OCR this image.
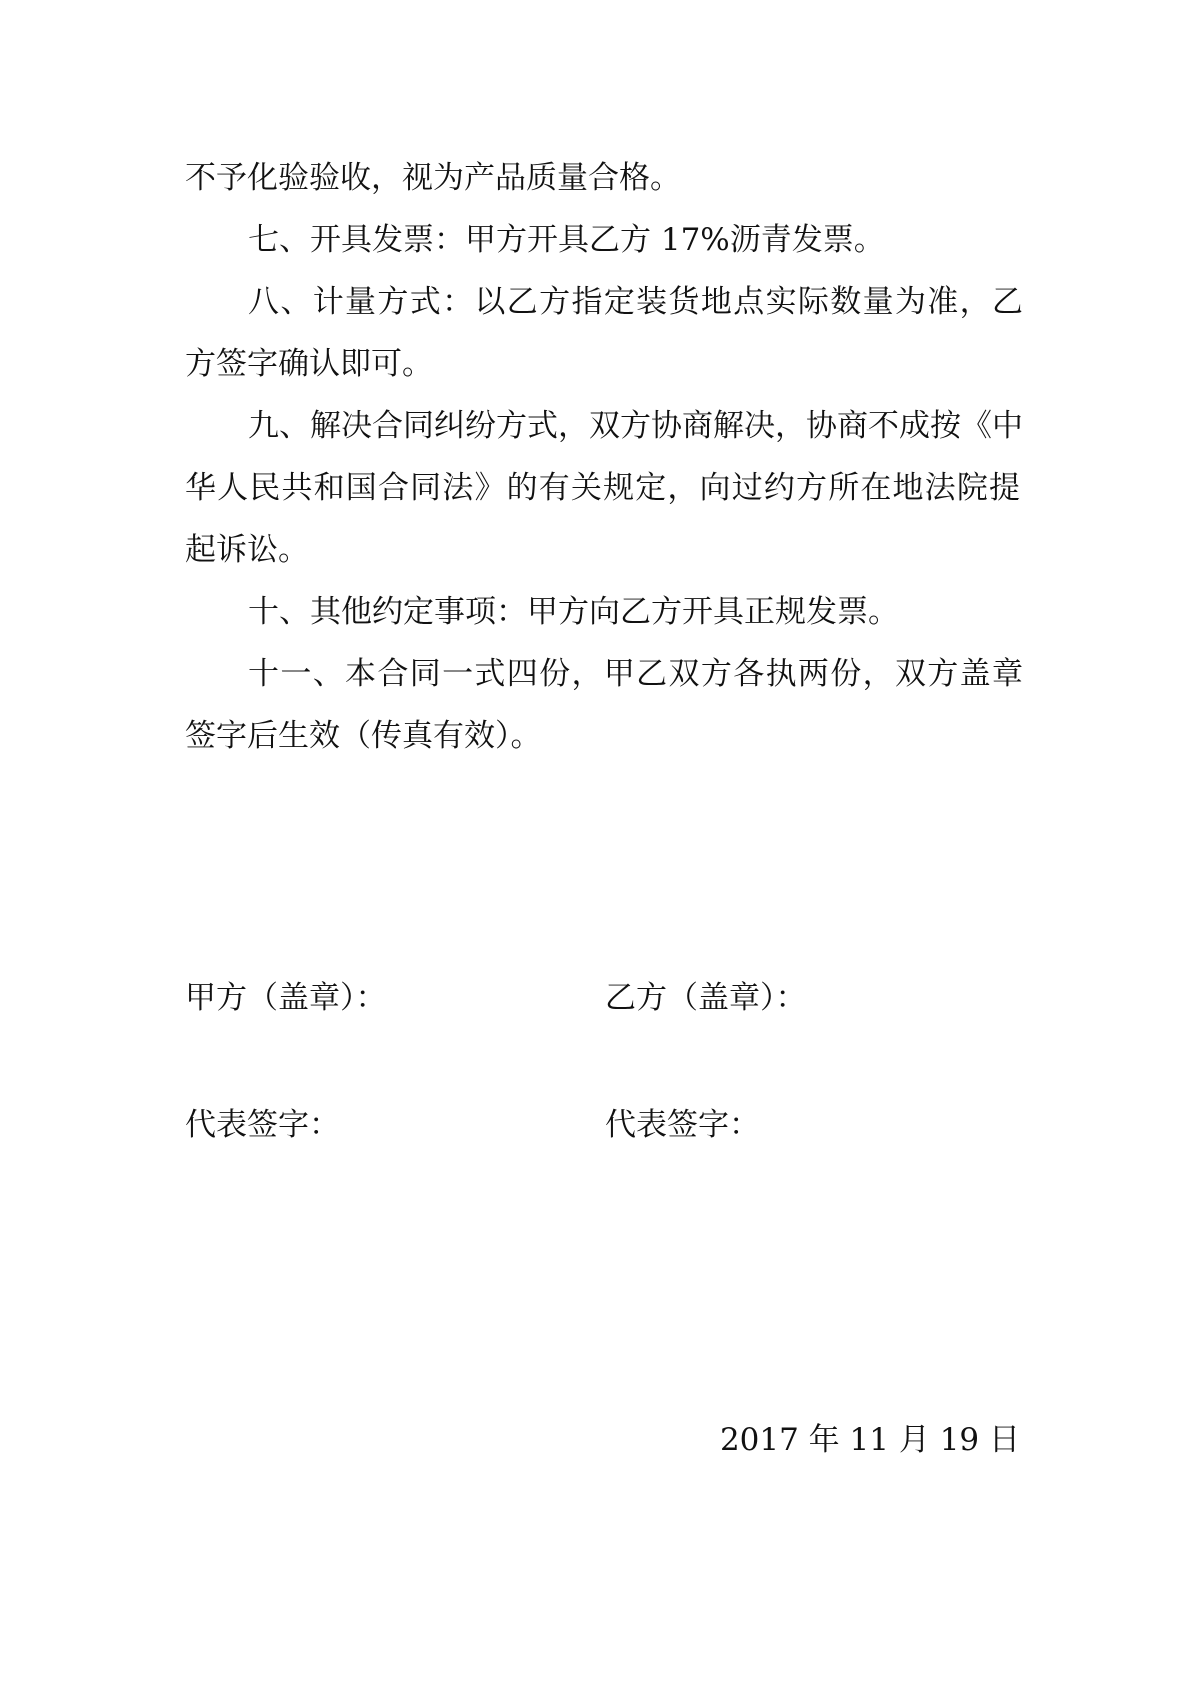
不予化验验收，视为产品质量合格。
七、开具发票：甲方开具乙方 17%沥青发票。
八、计量方式：以乙方指定装货地点实际数量为准，乙
方签字确认即可。
九、解决合同纠纷方式，双方协商解决，协商不成按《中
华人民共和国合同法》的有关规定，向过约方所在地法院提
起诉讼。
十、其他约定事项：甲方向乙方开具正规发票。
十一、本合同一式四份，甲乙双方各执两份，双方盖章
签字后生效（传真有效）。
甲方（盖章）：	乙方（盖章）：
代表签字：	代表签字：
2017 年 11 月 19 日
